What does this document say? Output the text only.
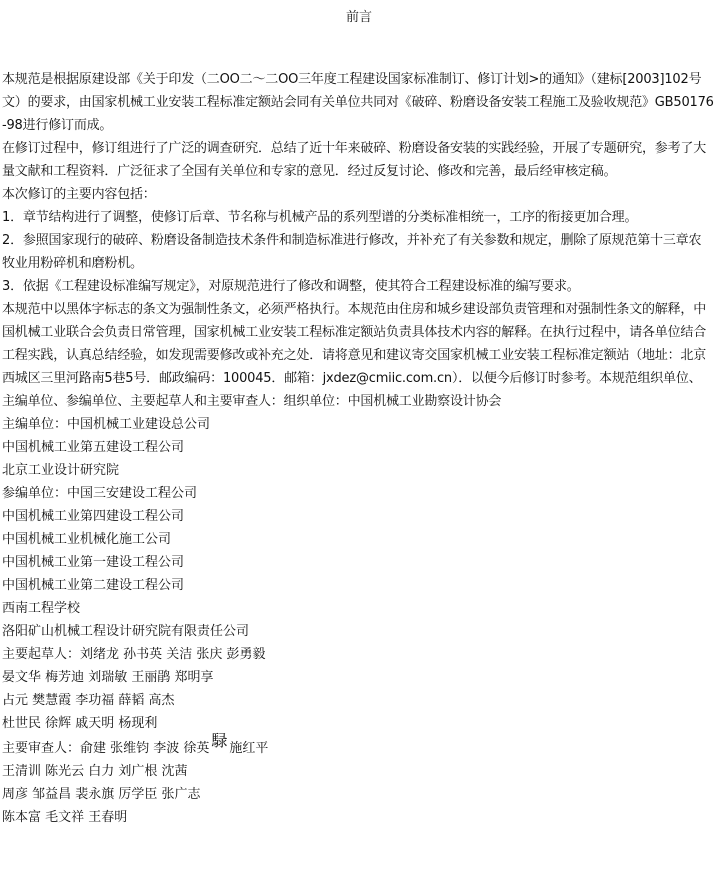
前言
本规范是根据原建设部《关于印发（二OO二～二OO三年度工程建设国家标准制订、修订计划>的通知》（建标[2003]102号文）的要求，由国家机械工业安装工程标准定额站会同有关单位共同对《破碎、粉磨设备安装工程施工及验收规范》GB50176-98进行修订而成。
在修订过程中，修订组进行了广泛的调查研究．总结了近十年来破碎、粉磨设备安装的实践经验，开展了专题研究，参考了大量文献和工程资料．广泛征求了全国有关单位和专家的意见．经过反复讨论、修改和完善，最后经审核定稿。
本次修订的主要内容包括：
1．章节结构进行了调整，使修订后章、节名称与机械产品的系列型谱的分类标准相统一，工序的衔接更加合理。
2．参照国家现行的破碎、粉磨设备制造技术条件和制造标准进行修改，并补充了有关参数和规定，删除了原规范第十三章农牧业用粉碎机和磨粉机。
3．依据《工程建设标准编写规定》，对原规范进行了修改和调整，使其符合工程建设标准的编写要求。
本规范中以黑体字标志的条文为强制性条文，必须严格执行。本规范由住房和城乡建设部负责管理和对强制性条文的解释，中国机械工业联合会负责日常管理，国家机械工业安装工程标准定额站负责具体技术内容的解释。在执行过程中，请各单位结合工程实践，认真总结经验，如发现需要修改或补充之处．请将意见和建议寄交国家机械工业安装工程标准定额站（地址：北京西城区三里河路南5巷5号．邮政编码：100045．邮箱：jxdez@cmiic.com.cn）．以便今后修订时参考。本规范组织单位、主编单位、参编单位、主要起草人和主要审查人：组织单位：中国机械工业勘察设计协会
主编单位：中国机械工业建设总公司
中国机械工业第五建设工程公司
北京工业设计研究院
参编单位：中国三安建设工程公司
中国机械工业第四建设工程公司
中国机械工业机械化施工公司
中国机械工业第一建设工程公司
中国机械工业第二建设工程公司
西南工程学校
洛阳矿山机械工程设计研究院有限责任公司
主要起草人：刘绪龙 孙书英 关洁 张庆 彭勇毅
晏文华 梅芳迪 刘瑞敏 王丽鹃 郑明享
占元 樊慧霞 李功福 薛韬 高杰
杜世民 徐辉 戚天明 杨现利
主要审查人：俞建 张维钧 李波 徐英 騄 施红平
王清训 陈光云 白力 刘广根 沈茜
周彦 邹益昌 裴永旗 厉学臣 张广志
陈本富 毛文祥 王春明
